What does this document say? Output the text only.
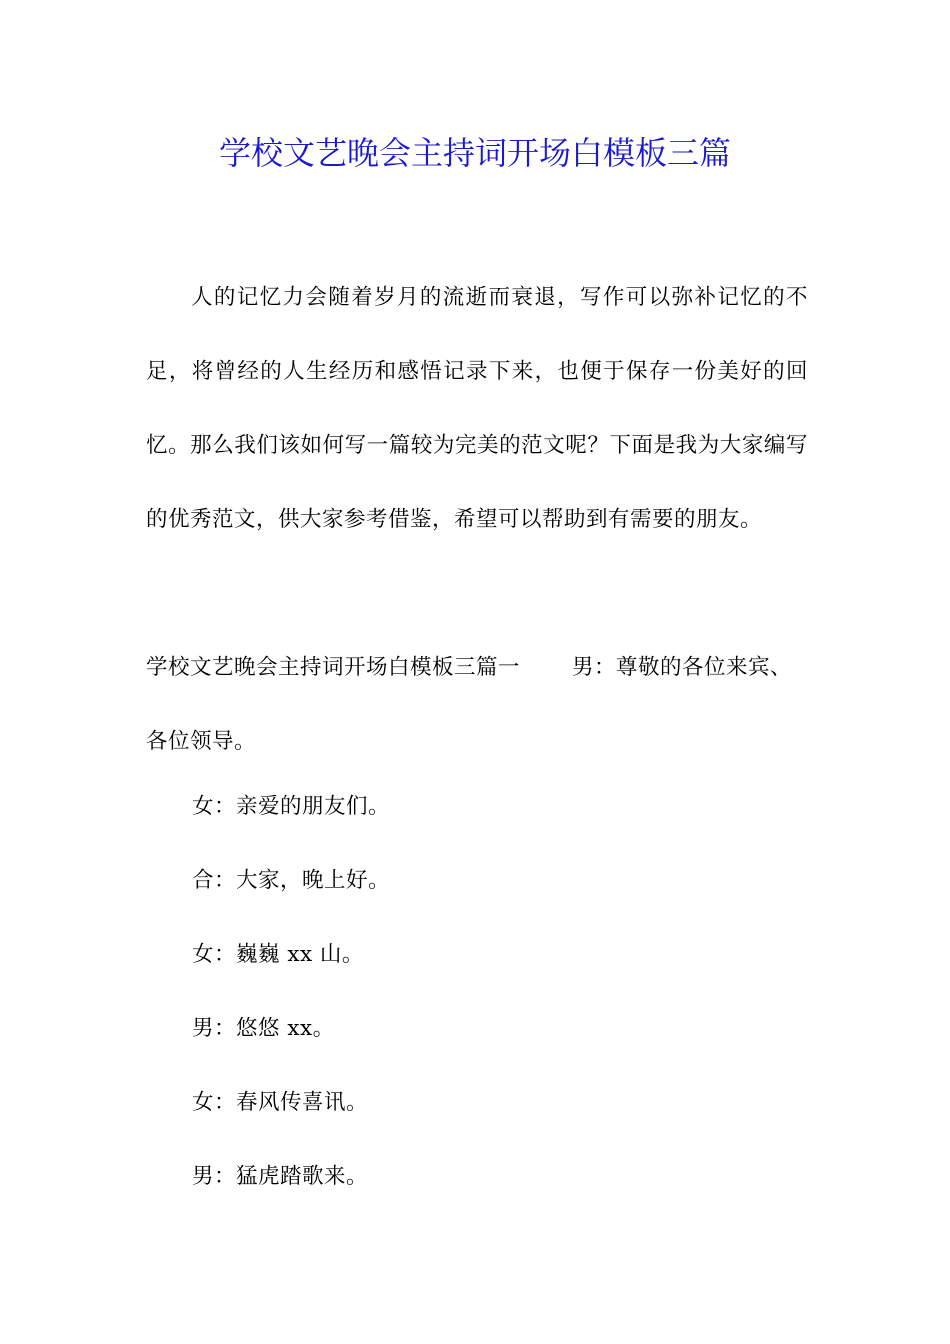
学校文艺晚会主持词开场白模板三篇

人的记忆力会随着岁月的流逝而衰退，写作可以弥补记忆的不足，将曾经的人生经历和感悟记录下来，也便于保存一份美好的回忆。那么我们该如何写一篇较为完美的范文呢？下面是我为大家编写的优秀范文，供大家参考借鉴，希望可以帮助到有需要的朋友。

学校文艺晚会主持词开场白模板三篇一 男：尊敬的各位来宾、各位领导。

女：亲爱的朋友们。

合：大家，晚上好。

女：巍巍 xx 山。

男：悠悠 xx。

女：春风传喜讯。

男：猛虎踏歌来。
